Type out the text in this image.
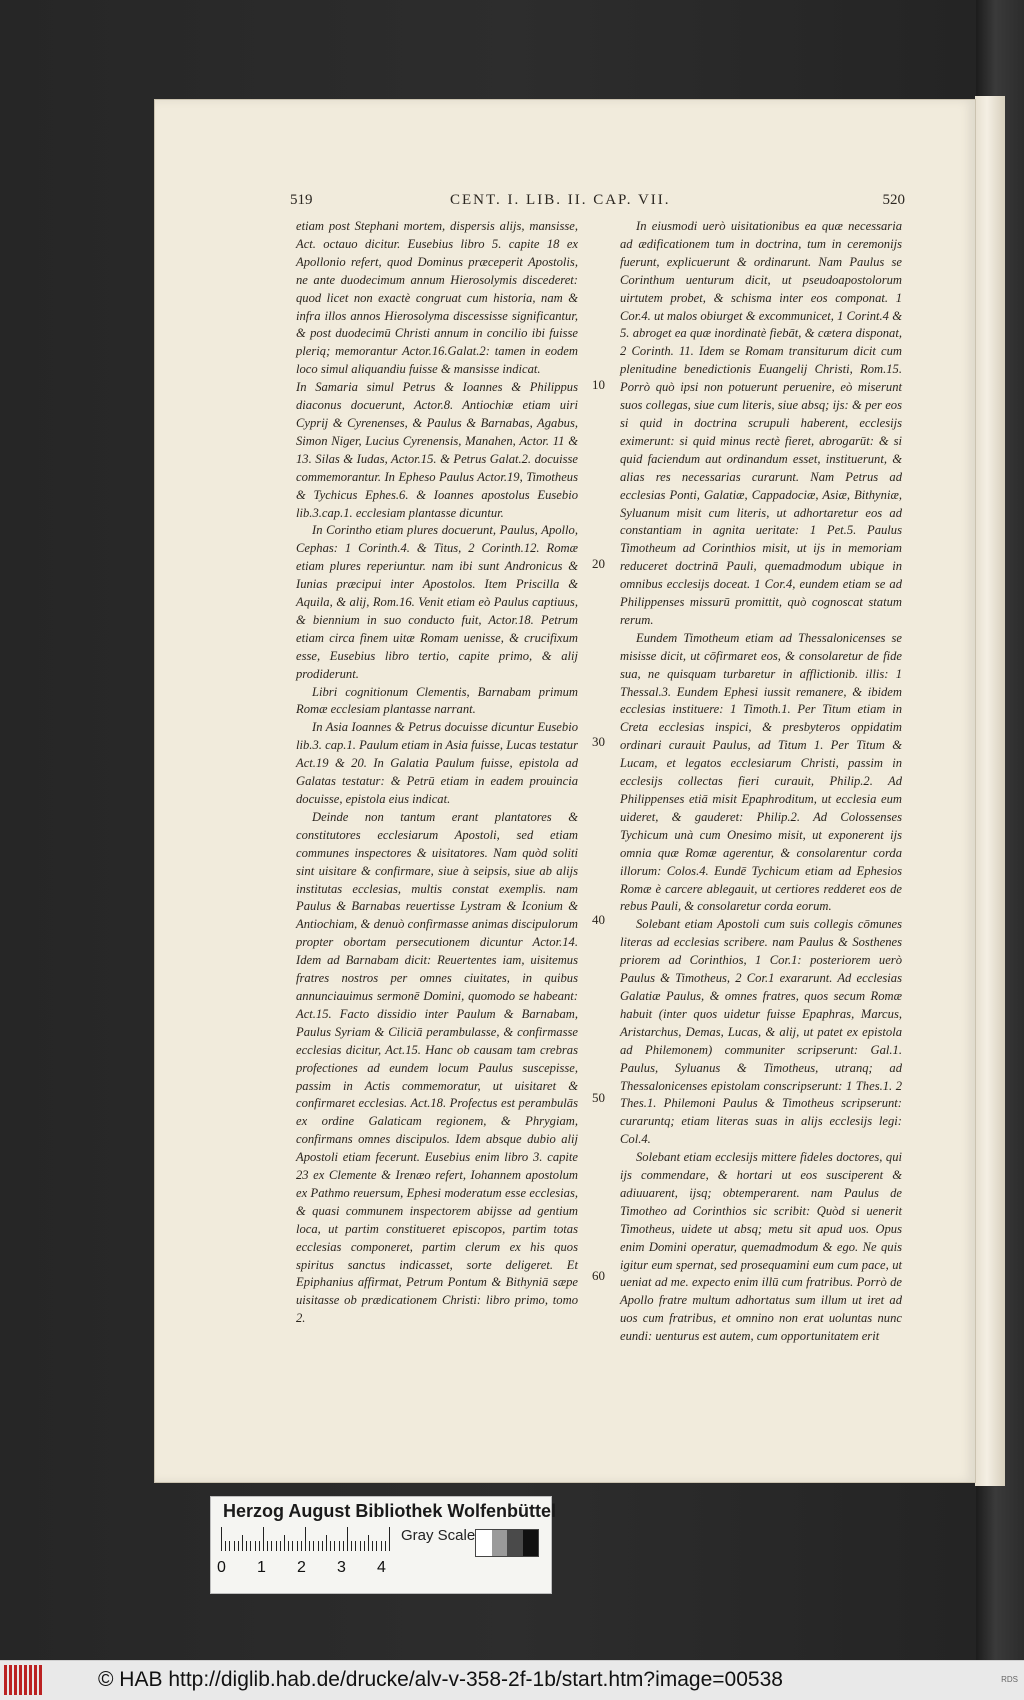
519	CENT. I. LIB. II. CAP. VII.	520

etiam post Stephani mortem, dispersis alijs, mansisse, Act. octauo dicitur. Eusebius libro 5. capite 18 ex Apollonio refert, quod Dominus præceperit Apostolis, ne ante duodecimum annum Hierosolymis discederet: quod licet non exactè congruat cum historia, nam & infra illos annos Hierosolyma discessisse significantur, & post duodecimū Christi annum in concilio ibi fuisse plerią; memorantur Actor.16.Galat.2: tamen in eodem loco simul aliquandiu fuisse & mansisse indicat.

In Samaria simul Petrus & Ioannes & Philippus diaconus docuerunt, Actor.8. Antiochiæ etiam uiri Cyprij & Cyrenenses, & Paulus & Barnabas, Agabus, Simon Niger, Lucius Cyrenensis, Manahen, Actor. 11 & 13. Silas & Iudas, Actor.15. & Petrus Galat.2. docuisse commemorantur. In Epheso Paulus Actor.19, Timotheus & Tychicus Ephes.6. & Ioannes apostolus Eusebio lib.3.cap.1. ecclesiam plantasse dicuntur.

In Corintho etiam plures docuerunt, Paulus, Apollo, Cephas: 1 Corinth.4. & Titus, 2 Corinth.12. Romæ etiam plures reperiuntur. nam ibi sunt Andronicus & Iunias præcipui inter Apostolos. Item Priscilla & Aquila, & alij, Rom.16. Venit etiam eò Paulus captiuus, & biennium in suo conducto fuit, Actor.18. Petrum etiam circa finem uitæ Romam uenisse, & crucifixum esse, Eusebius libro tertio, capite primo, & alij prodiderunt.

Libri cognitionum Clementis, Barnabam primum Romæ ecclesiam plantasse narrant.

In Asia Ioannes & Petrus docuisse dicuntur Eusebio lib.3. cap.1. Paulum etiam in Asia fuisse, Lucas testatur Act.19 & 20. In Galatia Paulum fuisse, epistola ad Galatas testatur: & Petrū etiam in eadem prouincia docuisse, epistola eius indicat.

Deinde non tantum erant plantatores & constitutores ecclesiarum Apostoli, sed etiam communes inspectores & uisitatores. Nam quòd soliti sint uisitare & confirmare, siue à seipsis, siue ab alijs institutas ecclesias, multis constat exemplis. nam Paulus & Barnabas reuertisse Lystram & Iconium & Antiochiam, & denuò confirmasse animas discipulorum propter obortam persecutionem dicuntur Actor.14. Idem ad Barnabam dicit: Reuertentes iam, uisitemus fratres nostros per omnes ciuitates, in quibus annunciauimus sermonē Domini, quomodo se habeant: Act.15. Facto dissidio inter Paulum & Barnabam, Paulus Syriam & Ciliciā perambulasse, & confirmasse ecclesias dicitur, Act.15. Hanc ob causam tam crebras profectiones ad eundem locum Paulus suscepisse, passim in Actis commemoratur, ut uisitaret & confirmaret ecclesias. Act.18. Profectus est perambulās ex ordine Galaticam regionem, & Phrygiam, confirmans omnes discipulos. Idem absque dubio alij Apostoli etiam fecerunt. Eusebius enim libro 3. capite 23 ex Clemente & Irenæo refert, Iohannem apostolum ex Pathmo reuersum, Ephesi moderatum esse ecclesias, & quasi communem inspectorem abijsse ad gentium loca, ut partim constitueret episcopos, partim totas ecclesias componeret, partim clerum ex his quos spiritus sanctus indicasset, sorte deligeret. Et Epiphanius affirmat, Petrum Pontum & Bithyniā sæpe uisitasse ob prædicationem Christi: libro primo, tomo 2.

In eiusmodi uerò uisitationibus ea quæ necessaria ad ædificationem tum in doctrina, tum in ceremonijs fuerunt, explicuerunt & ordinarunt. Nam Paulus se Corinthum uenturum dicit, ut pseudoapostolorum uirtutem probet, & schisma inter eos componat. 1 Cor.4. ut malos obiurget & excommunicet, 1 Corint.4 & 5. abroget ea quæ inordinatè fiebāt, & cætera disponat, 2 Corinth. 11. Idem se Romam transiturum dicit cum plenitudine benedictionis Euangelij Christi, Rom.15. Porrò quò ipsi non potuerunt peruenire, eò miserunt suos collegas, siue cum literis, siue absq; ijs: & per eos si quid in doctrina scrupuli haberent, ecclesijs eximerunt: si quid minus rectè fieret, abrogarūt: & si quid faciendum aut ordinandum esset, instituerunt, & alias res necessarias curarunt. Nam Petrus ad ecclesias Ponti, Galatiæ, Cappadociæ, Asiæ, Bithyniæ, Syluanum misit cum literis, ut adhortaretur eos ad constantiam in agnita ueritate: 1 Pet.5. Paulus Timotheum ad Corinthios misit, ut ijs in memoriam reduceret doctrinā Pauli, quemadmodum ubique in omnibus ecclesijs doceat. 1 Cor.4, eundem etiam se ad Philippenses missurū promittit, quò cognoscat statum rerum.

Eundem Timotheum etiam ad Thessalonicenses se misisse dicit, ut cōfirmaret eos, & consolaretur de fide sua, ne quisquam turbaretur in afflictionib. illis: 1 Thessal.3. Eundem Ephesi iussit remanere, & ibidem ecclesias instituere: 1 Timoth.1. Per Titum etiam in Creta ecclesias inspici, & presbyteros oppidatim ordinari curauit Paulus, ad Titum 1. Per Titum & Lucam, et legatos ecclesiarum Christi, passim in ecclesijs collectas fieri curauit, Philip.2. Ad Philippenses etiā misit Epaphroditum, ut ecclesia eum uideret, & gauderet: Philip.2. Ad Colossenses Tychicum unà cum Onesimo misit, ut exponerent ijs omnia quæ Romæ agerentur, & consolarentur corda illorum: Colos.4. Eundē Tychicum etiam ad Ephesios Romæ è carcere ablegauit, ut certiores redderet eos de rebus Pauli, & consolaretur corda eorum.

Solebant etiam Apostoli cum suis collegis cōmunes literas ad ecclesias scribere. nam Paulus & Sosthenes priorem ad Corinthios, 1 Cor.1: posteriorem uerò Paulus & Timotheus, 2 Cor.1 exararunt. Ad ecclesias Galatiæ Paulus, & omnes fratres, quos secum Romæ habuit (inter quos uidetur fuisse Epaphras, Marcus, Aristarchus, Demas, Lucas, & alij, ut patet ex epistola ad Philemonem) communiter scripserunt: Gal.1. Paulus, Syluanus & Timotheus, utranq; ad Thessalonicenses epistolam conscripserunt: 1 Thes.1. 2 Thes.1. Philemoni Paulus & Timotheus scripserunt: curaruntq; etiam literas suas in alijs ecclesijs legi: Col.4.

Solebant etiam ecclesijs mittere fideles doctores, qui ijs commendare, & hortari ut eos susciperent & adiuuarent, ijsq; obtemperarent. nam Paulus de Timotheo ad Corinthios sic scribit: Quòd si uenerit Timotheus, uidete ut absq; metu sit apud uos. Opus enim Domini operatur, quemadmodum & ego. Ne quis igitur eum spernat, sed prosequamini eum cum pace, ut ueniat ad me. expecto enim illū cum fratribus. Porrò de Apollo fratre multum adhortatus sum illum ut iret ad uos cum fratribus, et omnino non erat uoluntas nunc eundi: uenturus est autem, cum opportunitatem erit

10
20
30
40
50
60
Herzog August Bibliothek Wolfenbüttel
0 1 2 3 4
Gray Scale
© HAB http://diglib.hab.de/drucke/alv-v-358-2f-1b/start.htm?image=00538	RDS
